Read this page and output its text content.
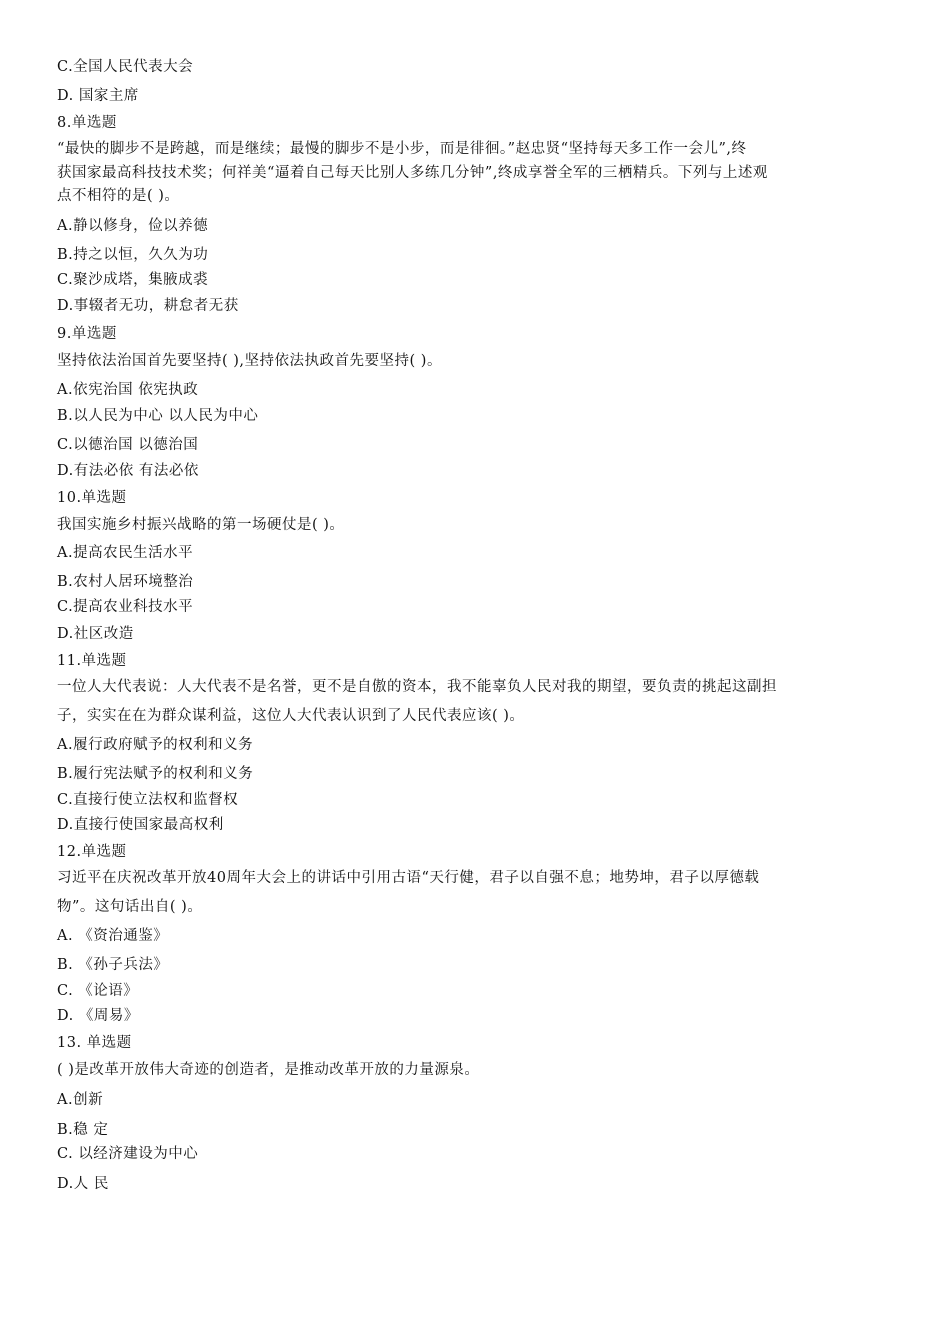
C.全国人民代表大会
D. 国家主席
8.单选题
“最快的脚步不是跨越，而是继续；最慢的脚步不是小步，而是徘徊。”赵忠贤“坚持每天多工作一会儿”,终
获国家最高科技技术奖；何祥美“逼着自己每天比别人多练几分钟”,终成享誉全军的三栖精兵。下列与上述观
点不相符的是( )。
A.静以修身，俭以养德
B.持之以恒，久久为功
C.聚沙成塔，集腋成裘
D.事辍者无功，耕怠者无获
9.单选题
坚持依法治国首先要坚持( ),坚持依法执政首先要坚持( )。
A.依宪治国 依宪执政
B.以人民为中心 以人民为中心
C.以德治国 以德治国
D.有法必依 有法必依
10.单选题
我国实施乡村振兴战略的第一场硬仗是( )。
A.提高农民生活水平
B.农村人居环境整治
C.提高农业科技水平
D.社区改造
11.单选题
一位人大代表说：人大代表不是名誉，更不是自傲的资本，我不能辜负人民对我的期望，要负责的挑起这副担
子，实实在在为群众谋利益，这位人大代表认识到了人民代表应该( )。
A.履行政府赋予的权利和义务
B.履行宪法赋予的权利和义务
C.直接行使立法权和监督权
D.直接行使国家最高权利
12.单选题
习近平在庆祝改革开放40周年大会上的讲话中引用古语“天行健，君子以自强不息；地势坤，君子以厚德载
物”。这句话出自( )。
A. 《资治通鉴》
B. 《孙子兵法》
C. 《论语》
D. 《周易》
13. 单选题
( )是改革开放伟大奇迹的创造者，是推动改革开放的力量源泉。
A.创新
B.稳 定
C. 以经济建设为中心
D.人 民
